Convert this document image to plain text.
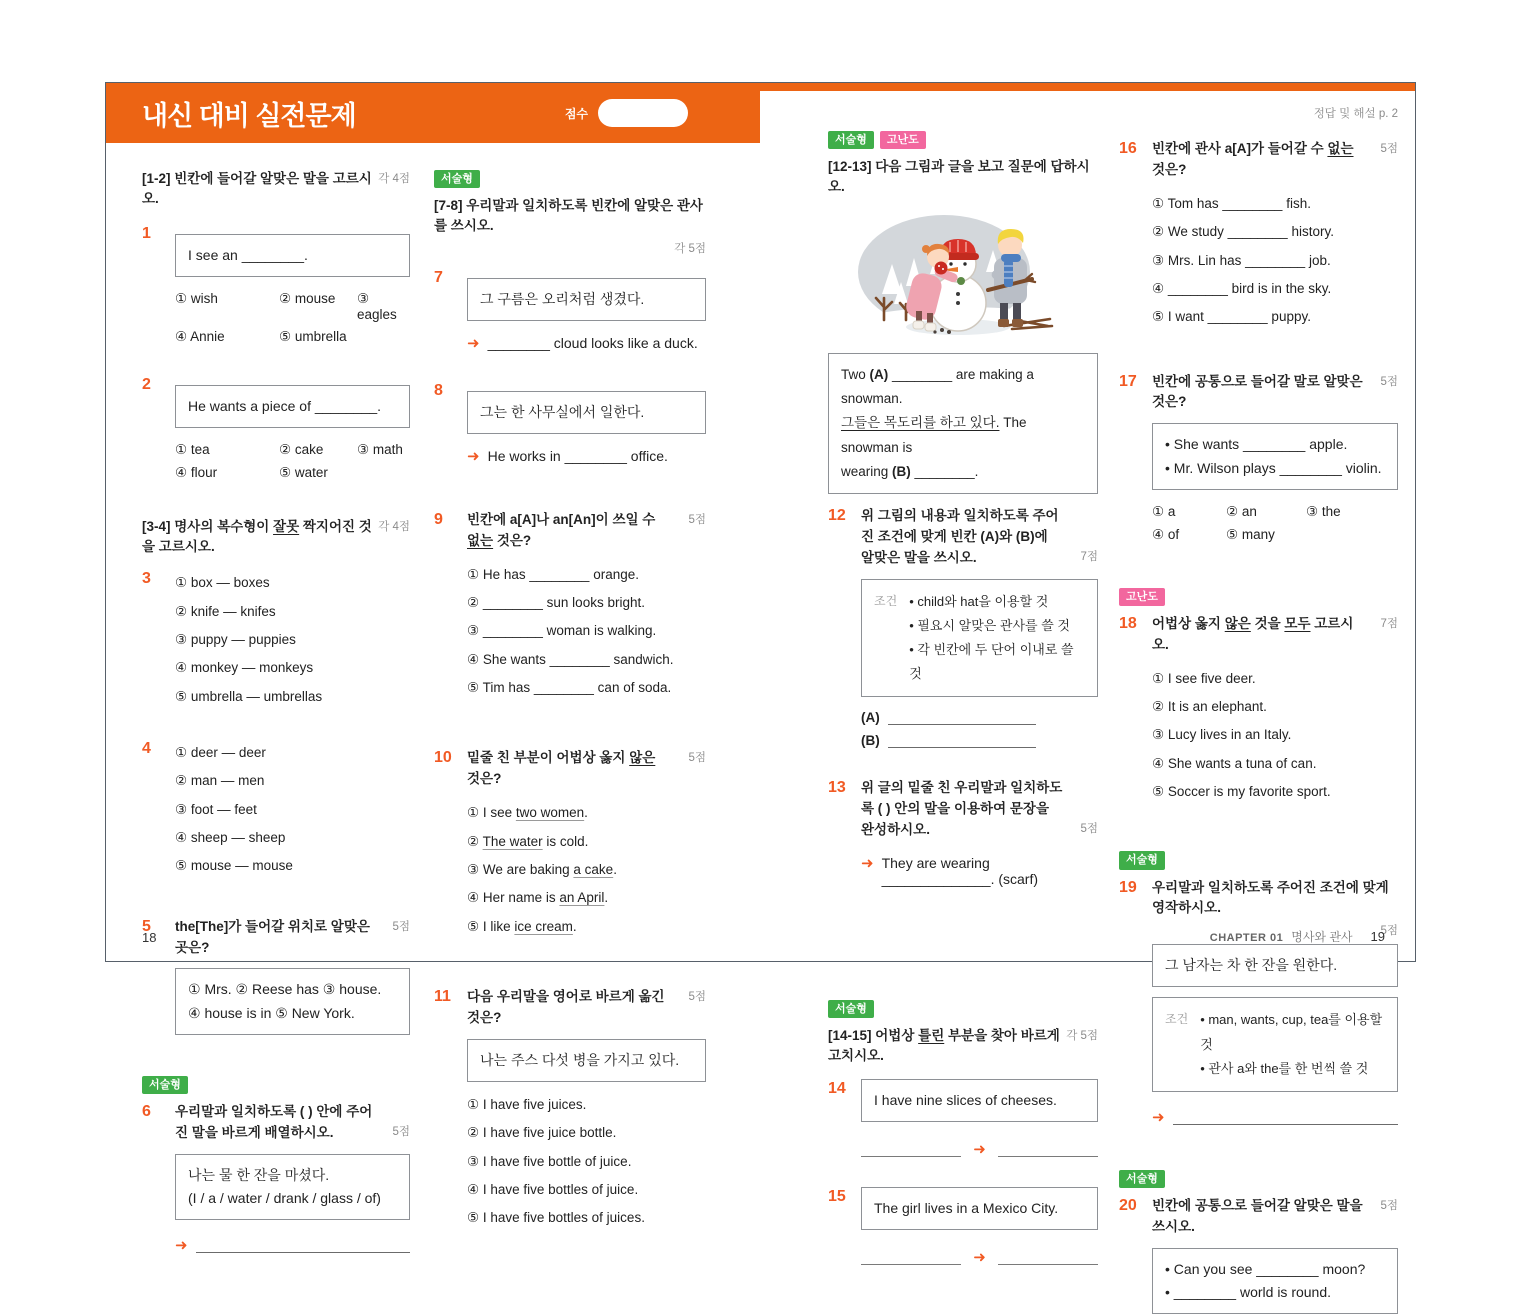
내신 대비 실전문제	점수
[1-2] 빈칸에 들어갈 알맞은 말을 고르시오.
각 4점
1
I see an ________.
① wish	② mouse	③ eagles
④ Annie	⑤ umbrella
2
He wants a piece of ________.
① tea	② cake	③ math
④ flour	⑤ water
[3-4] 명사의 복수형이 잘못 짝지어진 것을 고르시오.
각 4점
3	① box — boxes
② knife — knifes
③ puppy — puppies
④ monkey — monkeys
⑤ umbrella — umbrellas
4	① deer — deer
② man — men
③ foot — feet
④ sheep — sheep
⑤ mouse — mouse
5	the[The]가 들어갈 위치로 알맞은 곳은?
5점
① Mrs. ② Reese has ③ house.
④ house is in ⑤ New York.
서술형
6	우리말과 일치하도록 ( ) 안에 주어진 말을 바르게 배열하시오.	5점
나는 물 한 잔을 마셨다.
(I / a / water / drank / glass / of)
➜
서술형
[7-8] 우리말과 일치하도록 빈칸에 알맞은 관사를 쓰시오.
각 5점
7
그 구름은 오리처럼 생겼다.
➜ ________ cloud looks like a duck.
8
그는 한 사무실에서 일한다.
➜ He works in ________ office.
9	빈칸에 a[A]나 an[An]이 쓰일 수 없는 것은?
5점
① He has ________ orange.
② ________ sun looks bright.
③ ________ woman is walking.
④ She wants ________ sandwich.
⑤ Tim has ________ can of soda.
10	밑줄 친 부분이 어법상 옳지 않은 것은?
5점
① I see two women.
② The water is cold.
③ We are baking a cake.
④ Her name is an April.
⑤ I like ice cream.
11	다음 우리말을 영어로 바르게 옮긴 것은?
5점
나는 주스 다섯 병을 가지고 있다.
① I have five juices.
② I have five juice bottle.
③ I have five bottle of juice.
④ I have five bottles of juice.
⑤ I have five bottles of juices.
서술형	고난도
[12-13] 다음 그림과 글을 보고 질문에 답하시오.
Two (A) ________ are making a snowman.
그들은 목도리를 하고 있다. The snowman is
wearing (B) ________.
12	위 그림의 내용과 일치하도록 주어진 조건에 맞게 빈칸 (A)와 (B)에 알맞은 말을 쓰시오.	7점
조건 • child와 hat을 이용할 것
• 필요시 알맞은 관사를 쓸 것
• 각 빈칸에 두 단어 이내로 쓸 것
(A)
(B)
13	위 글의 밑줄 친 우리말과 일치하도록 ( ) 안의 말을 이용하여 문장을 완성하시오.	5점
➜ They are wearing ______________. (scarf)
서술형
[14-15] 어법상 틀린 부분을 찾아 바르게 고치시오.
각 5점
14
I have nine slices of cheeses.
➜
15
The girl lives in a Mexico City.
➜
정답 및 해설 p. 2
16	빈칸에 관사 a[A]가 들어갈 수 없는 것은?
5점
① Tom has ________ fish.
② We study ________ history.
③ Mrs. Lin has ________ job.
④ ________ bird is in the sky.
⑤ I want ________ puppy.
17	빈칸에 공통으로 들어갈 말로 알맞은 것은?
5점
• She wants ________ apple.
• Mr. Wilson plays ________ violin.
① a	② an	③ the
④ of	⑤ many
고난도
18	어법상 옳지 않은 것을 모두 고르시오.
7점
① I see five deer.
② It is an elephant.
③ Lucy lives in an Italy.
④ She wants a tuna of can.
⑤ Soccer is my favorite sport.
서술형
19	우리말과 일치하도록 주어진 조건에 맞게 영작하시오.
5점
그 남자는 차 한 잔을 원한다.
조건 • man, wants, cup, tea를 이용할 것
• 관사 a와 the를 한 번씩 쓸 것
➜
서술형
20	빈칸에 공통으로 들어갈 알맞은 말을 쓰시오.
5점
• Can you see ________ moon?
• ________ world is round.
18	CHAPTER 01 명사와 관사 19
